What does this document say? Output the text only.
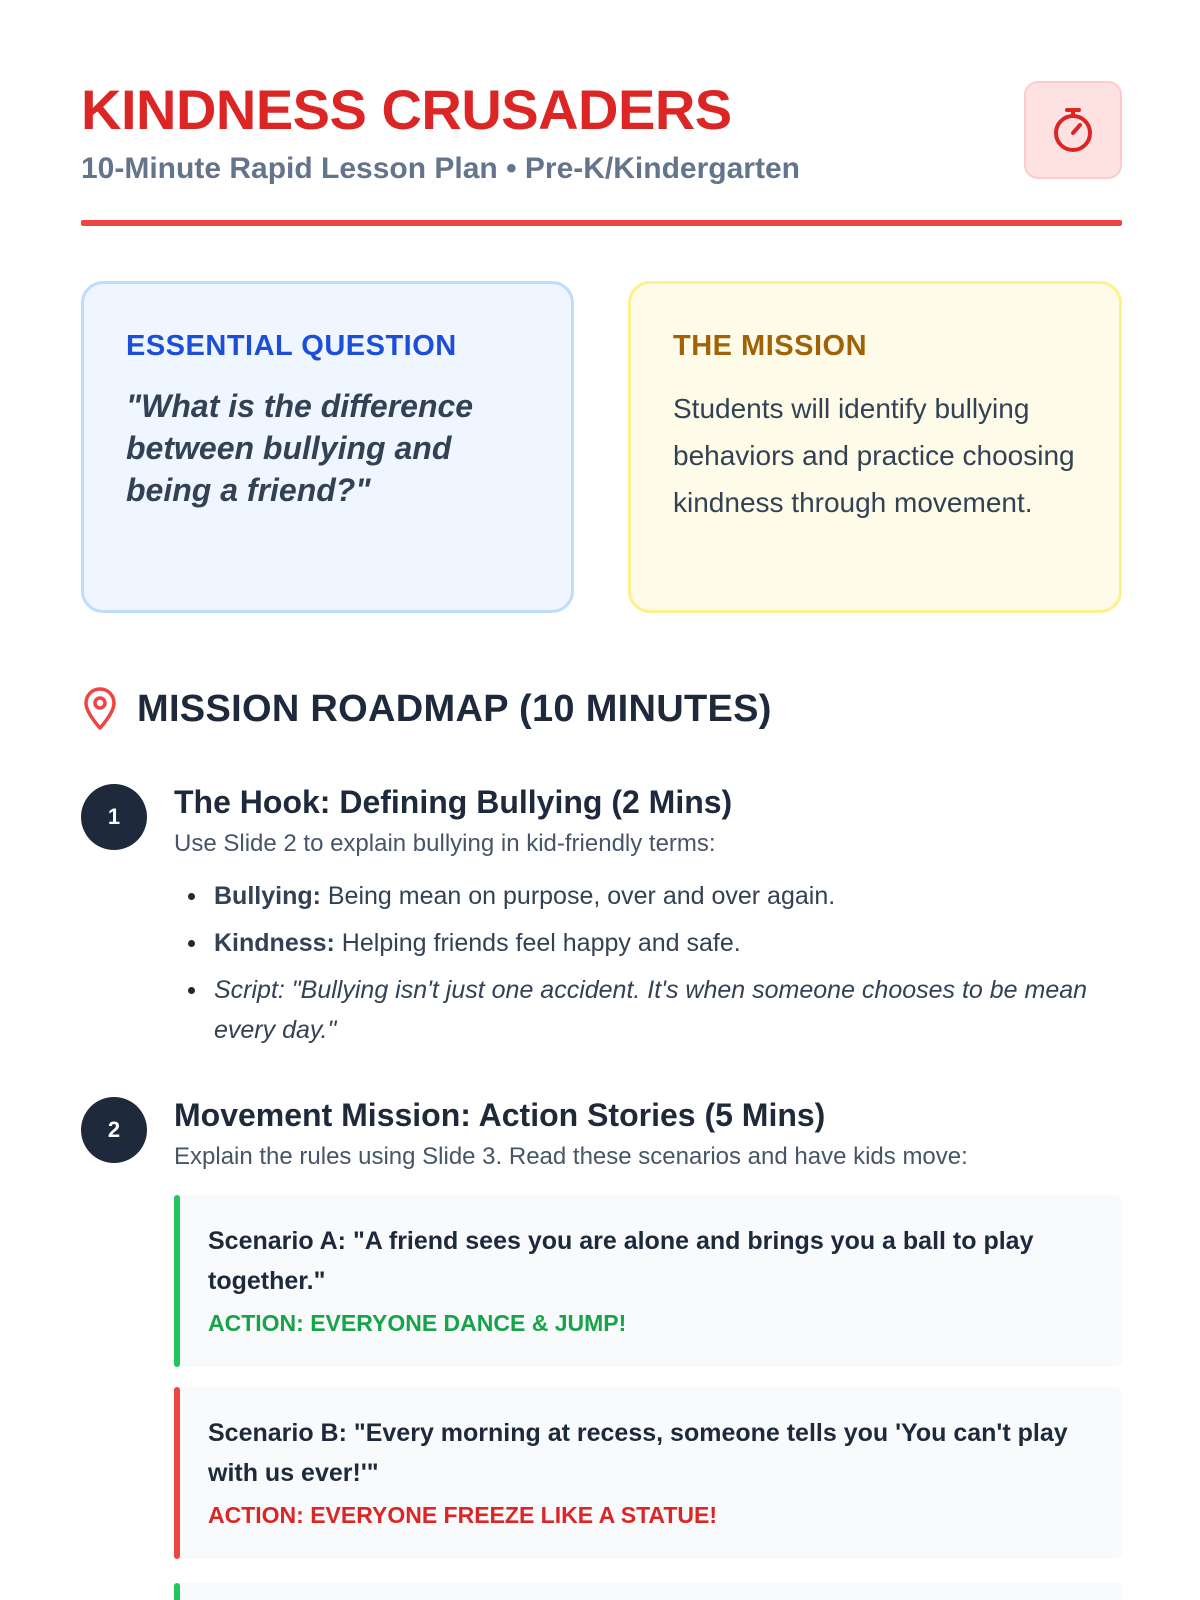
KINDNESS CRUSADERS
10-Minute Rapid Lesson Plan • Pre-K/Kindergarten
ESSENTIAL QUESTION
"What is the difference between bullying and being a friend?"
THE MISSION
Students will identify bullying behaviors and practice choosing kindness through movement.
MISSION ROADMAP (10 MINUTES)
1	The Hook: Defining Bullying (2 Mins)
Use Slide 2 to explain bullying in kid-friendly terms:
Bullying: Being mean on purpose, over and over again.
Kindness: Helping friends feel happy and safe.
Script: "Bullying isn't just one accident. It's when someone chooses to be mean every day."
2	Movement Mission: Action Stories (5 Mins)
Explain the rules using Slide 3. Read these scenarios and have kids move:
Scenario A: "A friend sees you are alone and brings you a ball to play together."
ACTION: EVERYONE DANCE & JUMP!
Scenario B: "Every morning at recess, someone tells you 'You can't play with us ever!'"
ACTION: EVERYONE FREEZE LIKE A STATUE!
